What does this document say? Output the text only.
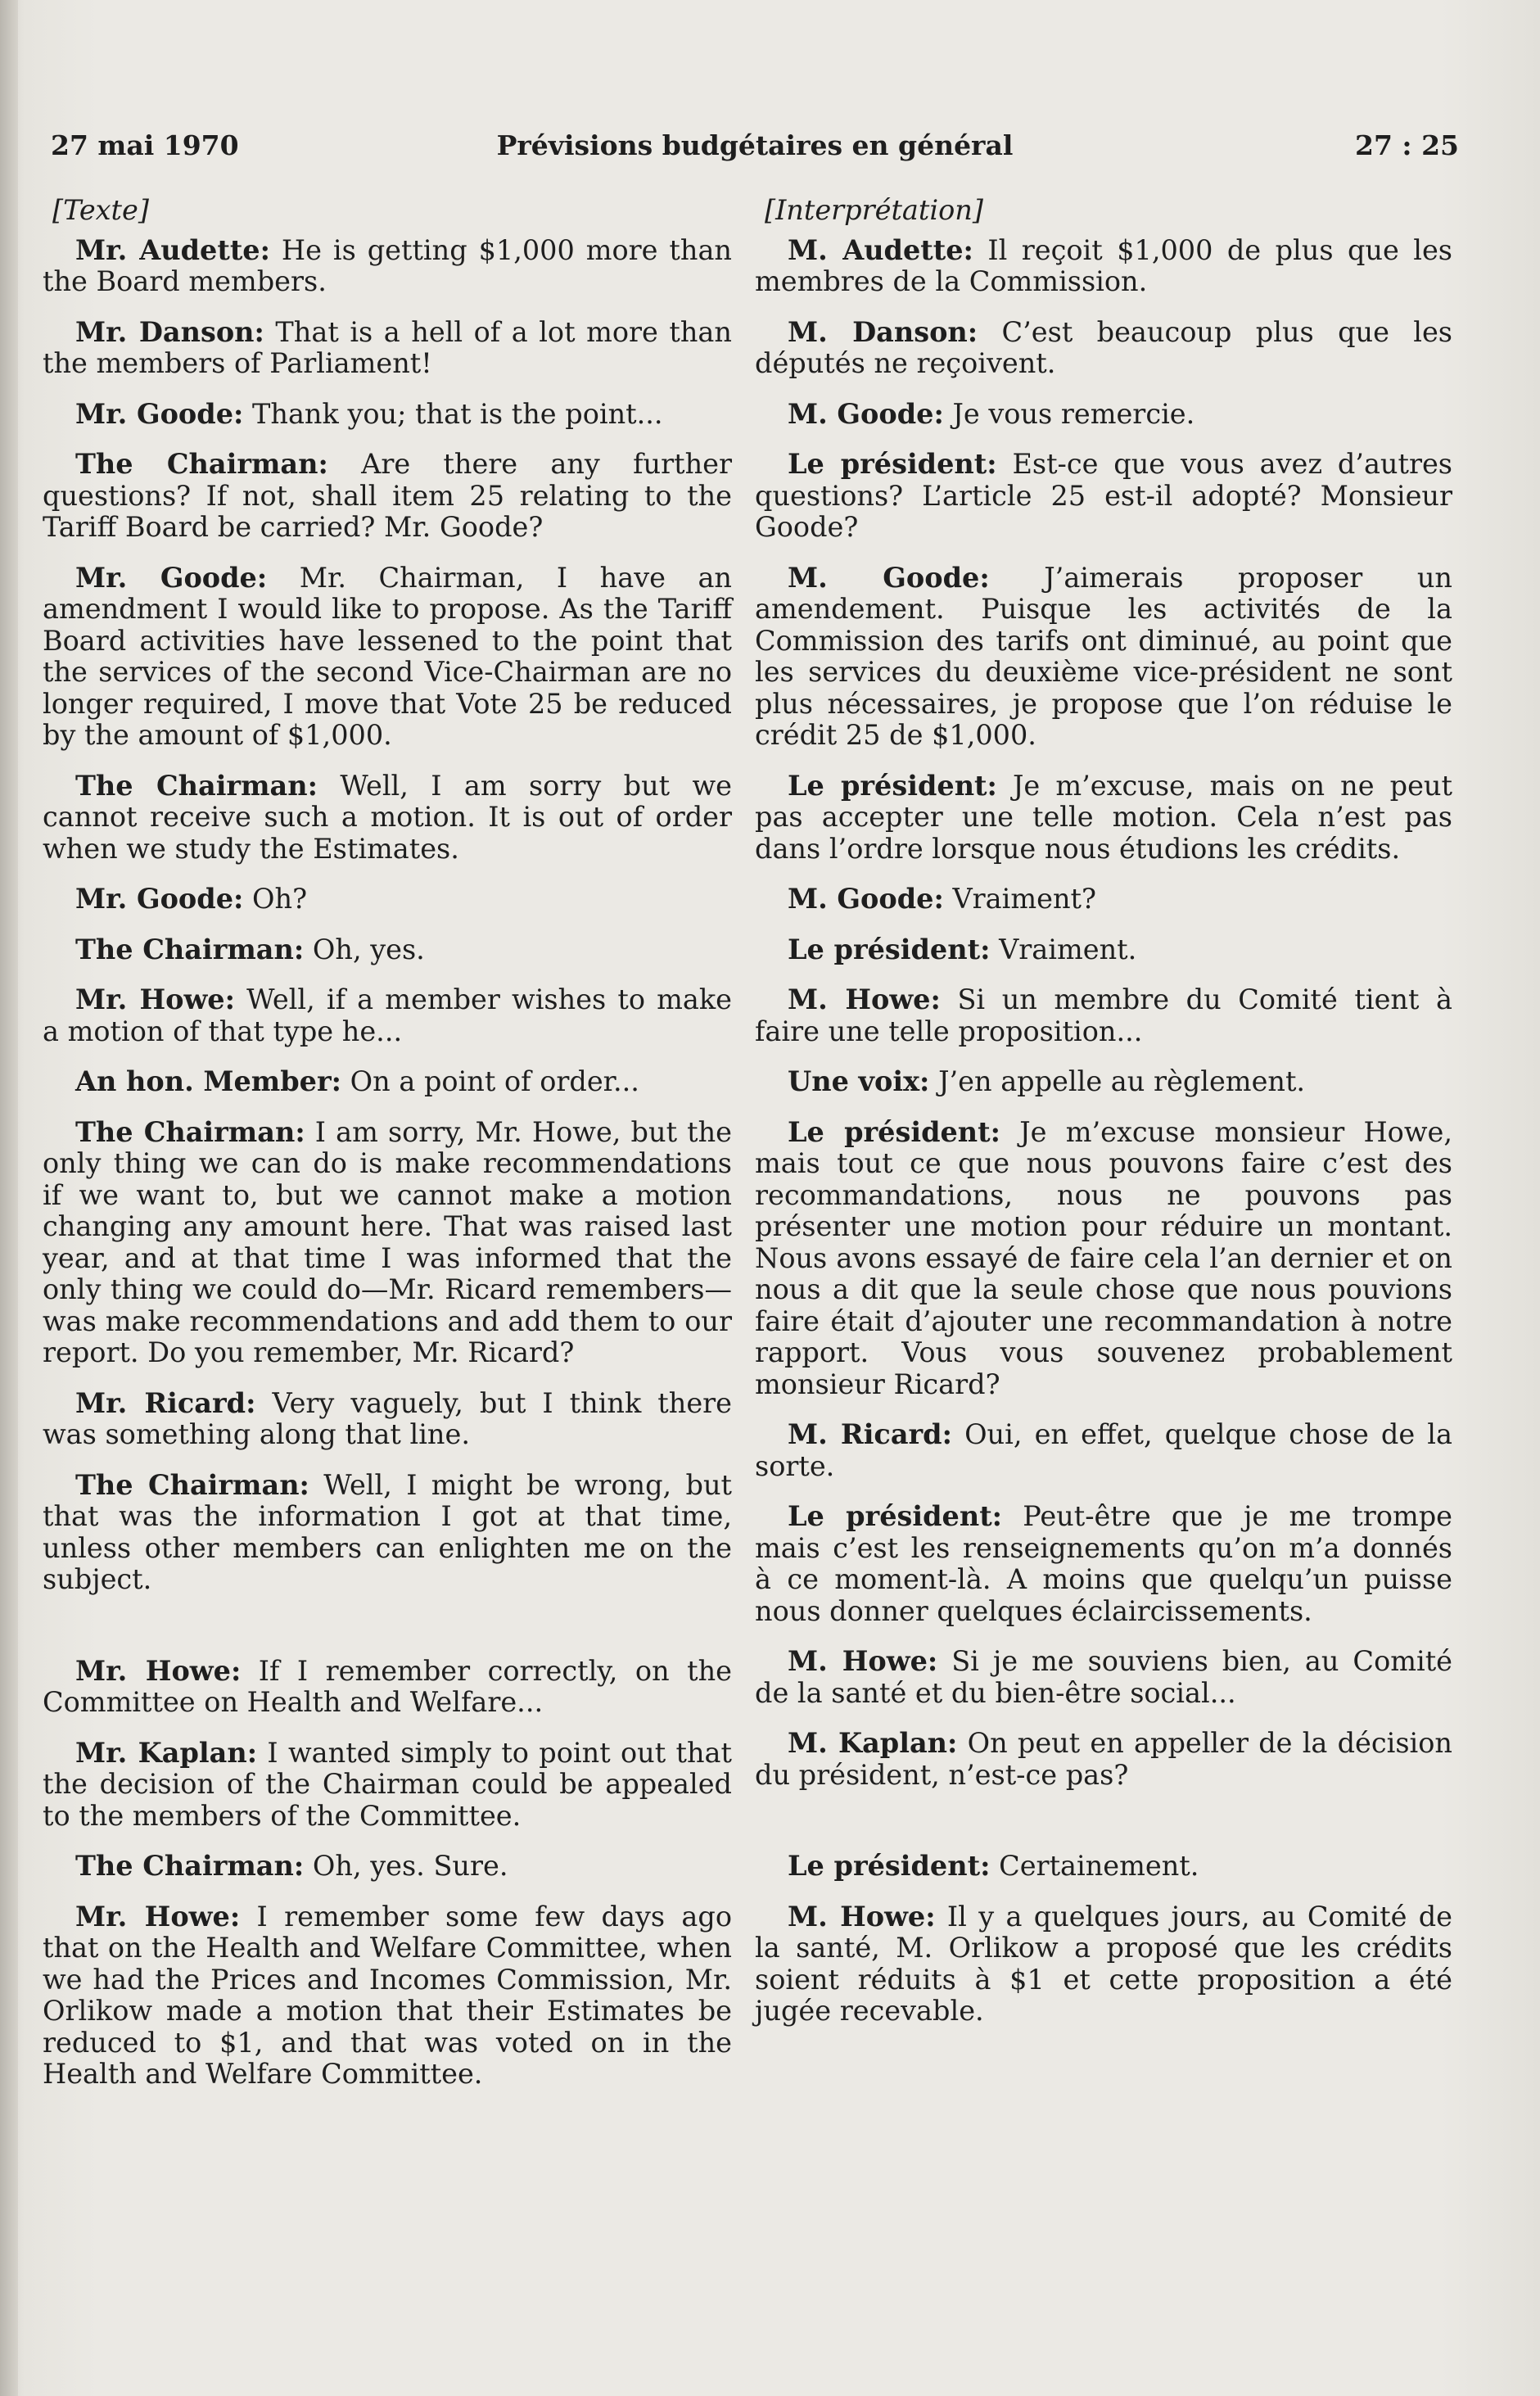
27 mai 1970	Prévisions budgétaires en général	27 : 25
[Texte]

Mr. Audette: He is getting $1,000 more than the Board members.

Mr. Danson: That is a hell of a lot more than the members of Parliament!

Mr. Goode: Thank you; that is the point...

The Chairman: Are there any further questions? If not, shall item 25 relating to the Tariff Board be carried? Mr. Goode?

Mr. Goode: Mr. Chairman, I have an amendment I would like to propose. As the Tariff Board activities have lessened to the point that the services of the second Vice-Chairman are no longer required, I move that Vote 25 be reduced by the amount of $1,000.

The Chairman: Well, I am sorry but we cannot receive such a motion. It is out of order when we study the Estimates.

Mr. Goode: Oh?

The Chairman: Oh, yes.

Mr. Howe: Well, if a member wishes to make a motion of that type he...

An hon. Member: On a point of order...

The Chairman: I am sorry, Mr. Howe, but the only thing we can do is make recommendations if we want to, but we cannot make a motion changing any amount here. That was raised last year, and at that time I was informed that the only thing we could do—Mr. Ricard remembers—was make recommendations and add them to our report. Do you remember, Mr. Ricard?

Mr. Ricard: Very vaguely, but I think there was something along that line.

The Chairman: Well, I might be wrong, but that was the information I got at that time, unless other members can enlighten me on the subject.

Mr. Howe: If I remember correctly, on the Committee on Health and Welfare...

Mr. Kaplan: I wanted simply to point out that the decision of the Chairman could be appealed to the members of the Committee.

The Chairman: Oh, yes. Sure.

Mr. Howe: I remember some few days ago that on the Health and Welfare Committee, when we had the Prices and Incomes Commission, Mr. Orlikow made a motion that their Estimates be reduced to $1, and that was voted on in the Health and Welfare Committee.

[Interprétation]

M. Audette: Il reçoit $1,000 de plus que les membres de la Commission.

M. Danson: C’est beaucoup plus que les députés ne reçoivent.

M. Goode: Je vous remercie.

Le président: Est-ce que vous avez d’autres questions? L’article 25 est-il adopté? Monsieur Goode?

M. Goode: J’aimerais proposer un amendement. Puisque les activités de la Commission des tarifs ont diminué, au point que les services du deuxième vice-président ne sont plus nécessaires, je propose que l’on réduise le crédit 25 de $1,000.

Le président: Je m’excuse, mais on ne peut pas accepter une telle motion. Cela n’est pas dans l’ordre lorsque nous étudions les crédits.

M. Goode: Vraiment?

Le président: Vraiment.

M. Howe: Si un membre du Comité tient à faire une telle proposition...

Une voix: J’en appelle au règlement.

Le président: Je m’excuse monsieur Howe, mais tout ce que nous pouvons faire c’est des recommandations, nous ne pouvons pas présenter une motion pour réduire un montant. Nous avons essayé de faire cela l’an dernier et on nous a dit que la seule chose que nous pouvions faire était d’ajouter une recommandation à notre rapport. Vous vous souvenez probablement monsieur Ricard?

M. Ricard: Oui, en effet, quelque chose de la sorte.

Le président: Peut-être que je me trompe mais c’est les renseignements qu’on m’a donnés à ce moment-là. A moins que quelqu’un puisse nous donner quelques éclaircissements.

M. Howe: Si je me souviens bien, au Comité de la santé et du bien-être social...

M. Kaplan: On peut en appeller de la décision du président, n’est-ce pas?

Le président: Certainement.

M. Howe: Il y a quelques jours, au Comité de la santé, M. Orlikow a proposé que les crédits soient réduits à $1 et cette proposition a été jugée recevable.
